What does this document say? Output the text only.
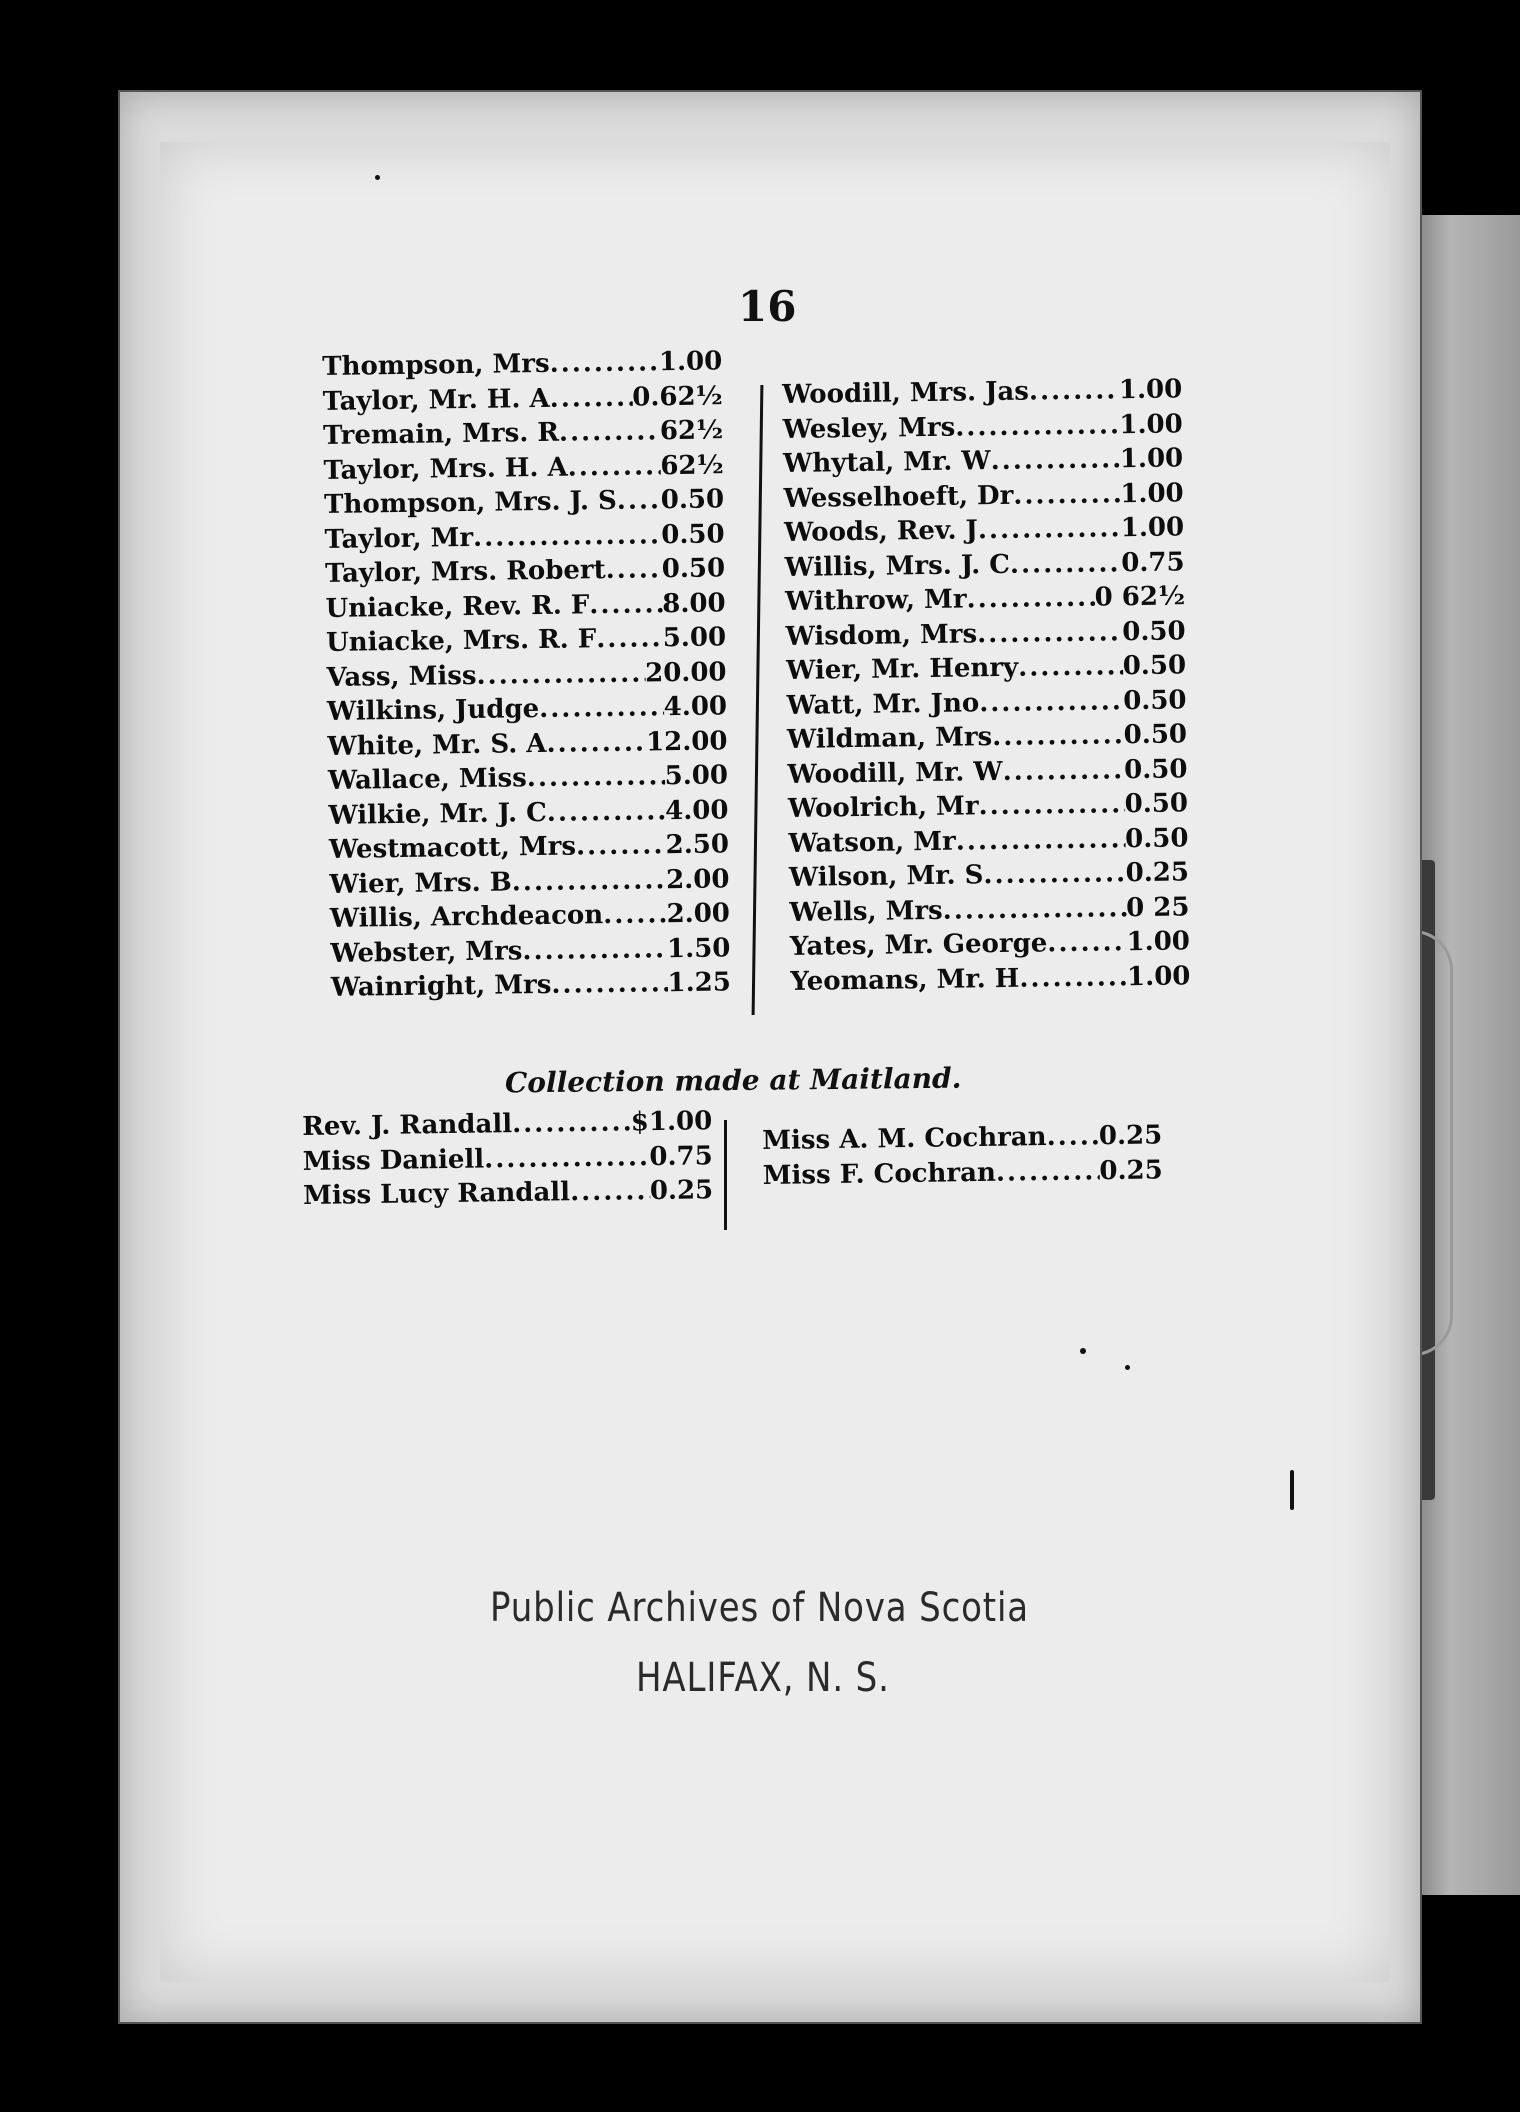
16
Thompson, Mrs .....	1.00
Taylor, Mr. H. A .....	0.62½
Tremain, Mrs. R .....	62½
Taylor, Mrs. H. A .....	62½
Thompson, Mrs. J. S ..... 0.50
Taylor, Mr .....	0.50
Taylor, Mrs. Robert ..... 0.50
Uniacke, Rev. R. F .....	8.00
Uniacke, Mrs. R. F .....	5.00
Vass, Miss .....	20.00
Wilkins, Judge .....	4.00
White, Mr. S. A .....	12.00
Wallace, Miss .....	5.00
Wilkie, Mr. J. C .....	4.00
Westmacott, Mrs .....	2.50
Wier, Mrs. B .....	2.00
Willis, Archdeacon ..... 2.00
Webster, Mrs .....	1.50
Wainright, Mrs .....	1.25
Woodill, Mrs. Jas .....	1.00
Wesley, Mrs .....	1.00
Whytal, Mr. W .....	1.00
Wesselhoeft, Dr .....	1.00
Woods, Rev. J .....	1.00
Willis, Mrs. J. C .....	0.75
Withrow, Mr .....	0 62½
Wisdom, Mrs .....	0.50
Wier, Mr. Henry .....	0.50
Watt, Mr. Jno .....	0.50
Wildman, Mrs .....	0.50
Woodill, Mr. W .....	0.50
Woolrich, Mr .....	0.50
Watson, Mr .....	0.50
Wilson, Mr. S .....	0.25
Wells, Mrs .....	0 25
Yates, Mr. George .....	1.00
Yeomans, Mr. H .....	1.00
Collection made at Maitland.
Rev. J. Randall .....	$1.00
Miss Daniell .....	0.75
Miss Lucy Randall .....	0.25
Miss A. M. Cochran ..... 0.25
Miss F. Cochran .....	0.25
Public Archives of Nova Scotia
HALIFAX, N. S.
